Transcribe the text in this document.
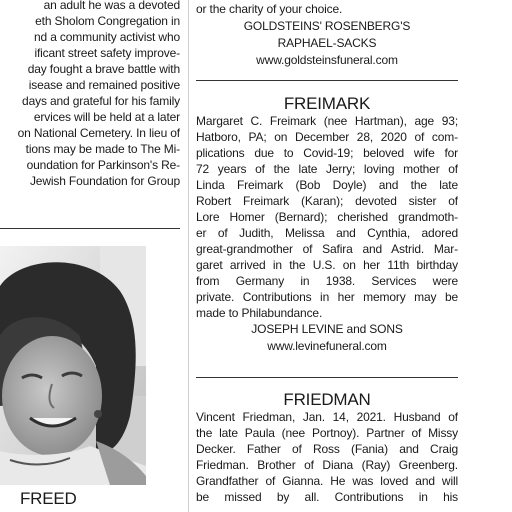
an adult he was a devoted
eth Sholom Congregation in
nd a community activist who
ificant street safety improve-
day fought a brave battle with
isease and remained positive
days and grateful for his family
ervices will be held at a later
on National Cemetery. In lieu of
tions may be made to The Mi-
oundation for Parkinson's Re-
Jewish Foundation for Group
FREED
or the charity of your choice.
GOLDSTEINS' ROSENBERG'S
RAPHAEL-SACKS
www.goldsteinsfuneral.com
FREIMARK
Margaret C. Freimark (nee Hartman), age 93;
Hatboro, PA; on December 28, 2020 of com-
plications due to Covid-19; beloved wife for
72 years of the late Jerry; loving mother of
Linda Freimark (Bob Doyle) and the late
Robert Freimark (Karan); devoted sister of
Lore Homer (Bernard); cherished grandmoth-
er of Judith, Melissa and Cynthia, adored
great-grandmother of Safira and Astrid. Mar-
garet arrived in the U.S. on her 11th birthday
from Germany in 1938. Services were
private. Contributions in her memory may be
made to Philabundance.
JOSEPH LEVINE and SONS
www.levinefuneral.com
FRIEDMAN
Vincent Friedman, Jan. 14, 2021. Husband of
the late Paula (nee Portnoy). Partner of Missy
Decker. Father of Ross (Fania) and Craig
Friedman. Brother of Diana (Ray) Greenberg.
Grandfather of Gianna. He was loved and will
be missed by all. Contributions in his
